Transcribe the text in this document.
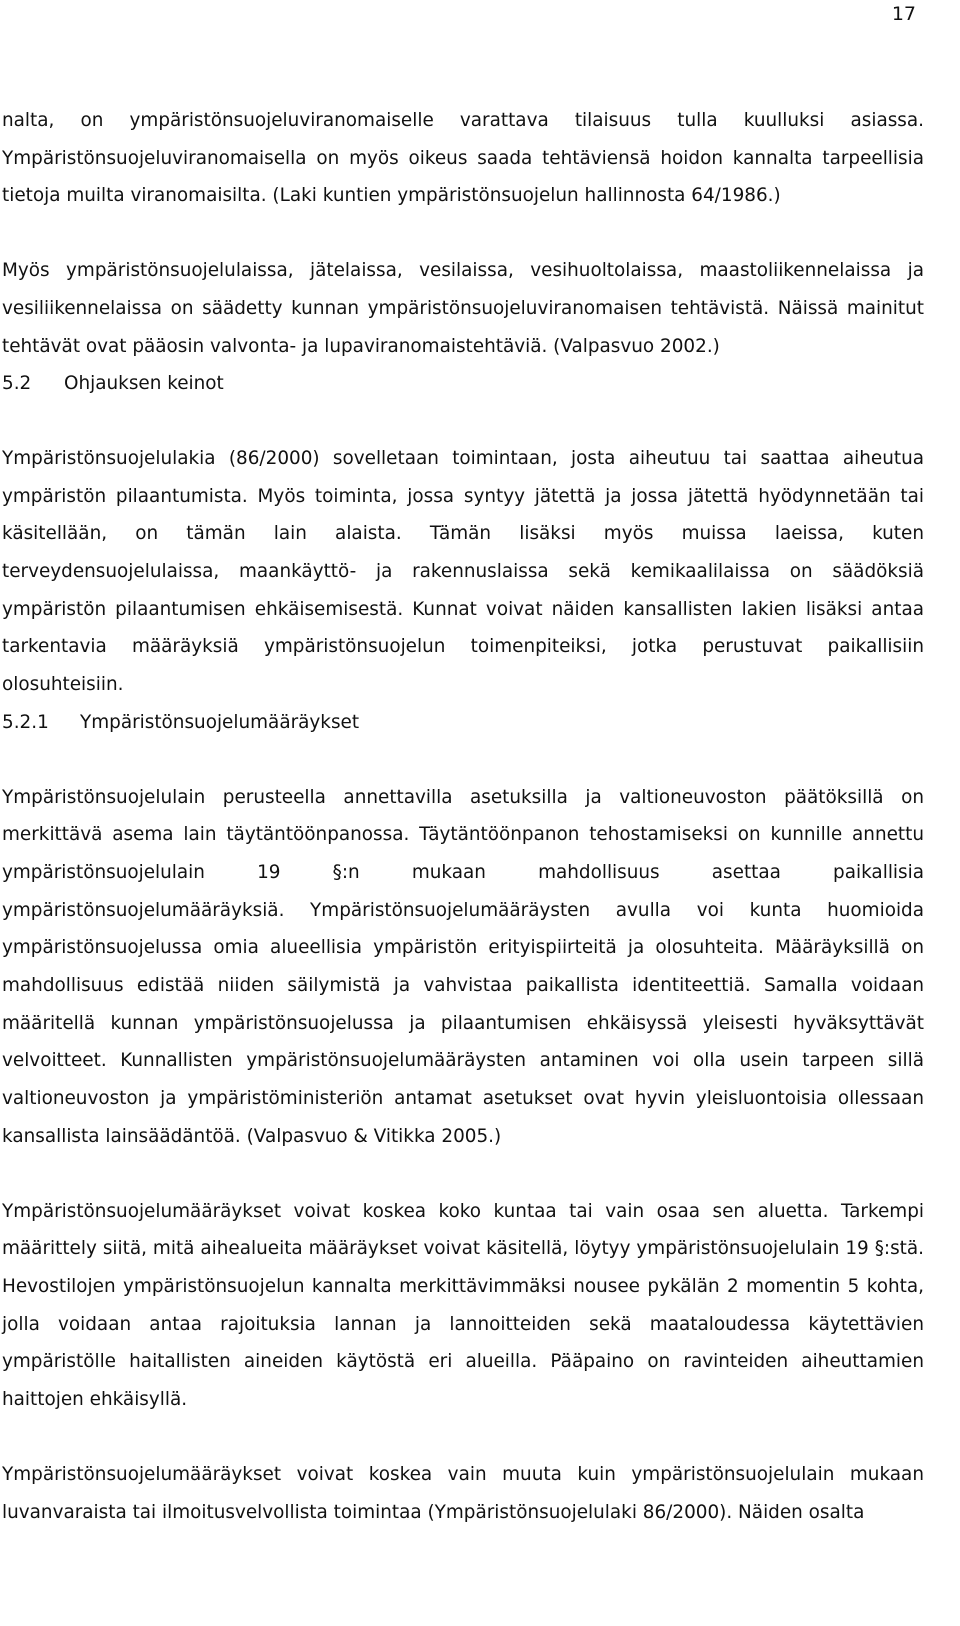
17

nalta, on ympäristönsuojeluviranomaiselle varattava tilaisuus tulla kuulluksi asiassa. Ympäristönsuojeluviranomaisella on myös oikeus saada tehtäviensä hoidon kannalta tarpeellisia tietoja muilta viranomaisilta. (Laki kuntien ympäristönsuojelun hallinnosta 64/1986.)

Myös ympäristönsuojelulaissa, jätelaissa, vesilaissa, vesihuoltolaissa, maastoliikennelaissa ja vesiliikennelaissa on säädetty kunnan ympäristönsuojeluviranomaisen tehtävistä. Näissä mainitut tehtävät ovat pääosin valvonta- ja lupaviranomaistehtäviä. (Valpasvuo 2002.)

5.2 Ohjauksen keinot

Ympäristönsuojelulakia (86/2000) sovelletaan toimintaan, josta aiheutuu tai saattaa aiheutua ympäristön pilaantumista. Myös toiminta, jossa syntyy jätettä ja jossa jätettä hyödynnetään tai käsitellään, on tämän lain alaista. Tämän lisäksi myös muissa laeissa, kuten terveydensuojelulaissa, maankäyttö- ja rakennuslaissa sekä kemikaalilaissa on säädöksiä ympäristön pilaantumisen ehkäisemisestä. Kunnat voivat näiden kansallisten lakien lisäksi antaa tarkentavia määräyksiä ympäristönsuojelun toimenpiteiksi, jotka perustuvat paikallisiin olosuhteisiin.

5.2.1 Ympäristönsuojelumääräykset

Ympäristönsuojelulain perusteella annettavilla asetuksilla ja valtioneuvoston päätöksillä on merkittävä asema lain täytäntöönpanossa. Täytäntöönpanon tehostamiseksi on kunnille annettu ympäristönsuojelulain 19 §:n mukaan mahdollisuus asettaa paikallisia ympäristönsuojelumääräyksiä. Ympäristönsuojelumääräysten avulla voi kunta huomioida ympäristönsuojelussa omia alueellisia ympäristön erityispiirteitä ja olosuhteita. Määräyksillä on mahdollisuus edistää niiden säilymistä ja vahvistaa paikallista identiteettiä. Samalla voidaan määritellä kunnan ympäristönsuojelussa ja pilaantumisen ehkäisyssä yleisesti hyväksyttävät velvoitteet. Kunnallisten ympäristönsuojelumääräysten antaminen voi olla usein tarpeen sillä valtioneuvoston ja ympäristöministeriön antamat asetukset ovat hyvin yleisluontoisia ollessaan kansallista lainsäädäntöä. (Valpasvuo & Vitikka 2005.)

Ympäristönsuojelumääräykset voivat koskea koko kuntaa tai vain osaa sen aluetta. Tarkempi määrittely siitä, mitä aihealueita määräykset voivat käsitellä, löytyy ympäristönsuojelulain 19 §:stä. Hevostilojen ympäristönsuojelun kannalta merkittävimmäksi nousee pykälän 2 momentin 5 kohta, jolla voidaan antaa rajoituksia lannan ja lannoitteiden sekä maataloudessa käytettävien ympäristölle haitallisten aineiden käytöstä eri alueilla. Pääpaino on ravinteiden aiheuttamien haittojen ehkäisyllä.

Ympäristönsuojelumääräykset voivat koskea vain muuta kuin ympäristönsuojelulain mukaan luvanvaraista tai ilmoitusvelvollista toimintaa (Ympäristönsuojelulaki 86/2000). Näiden osalta
